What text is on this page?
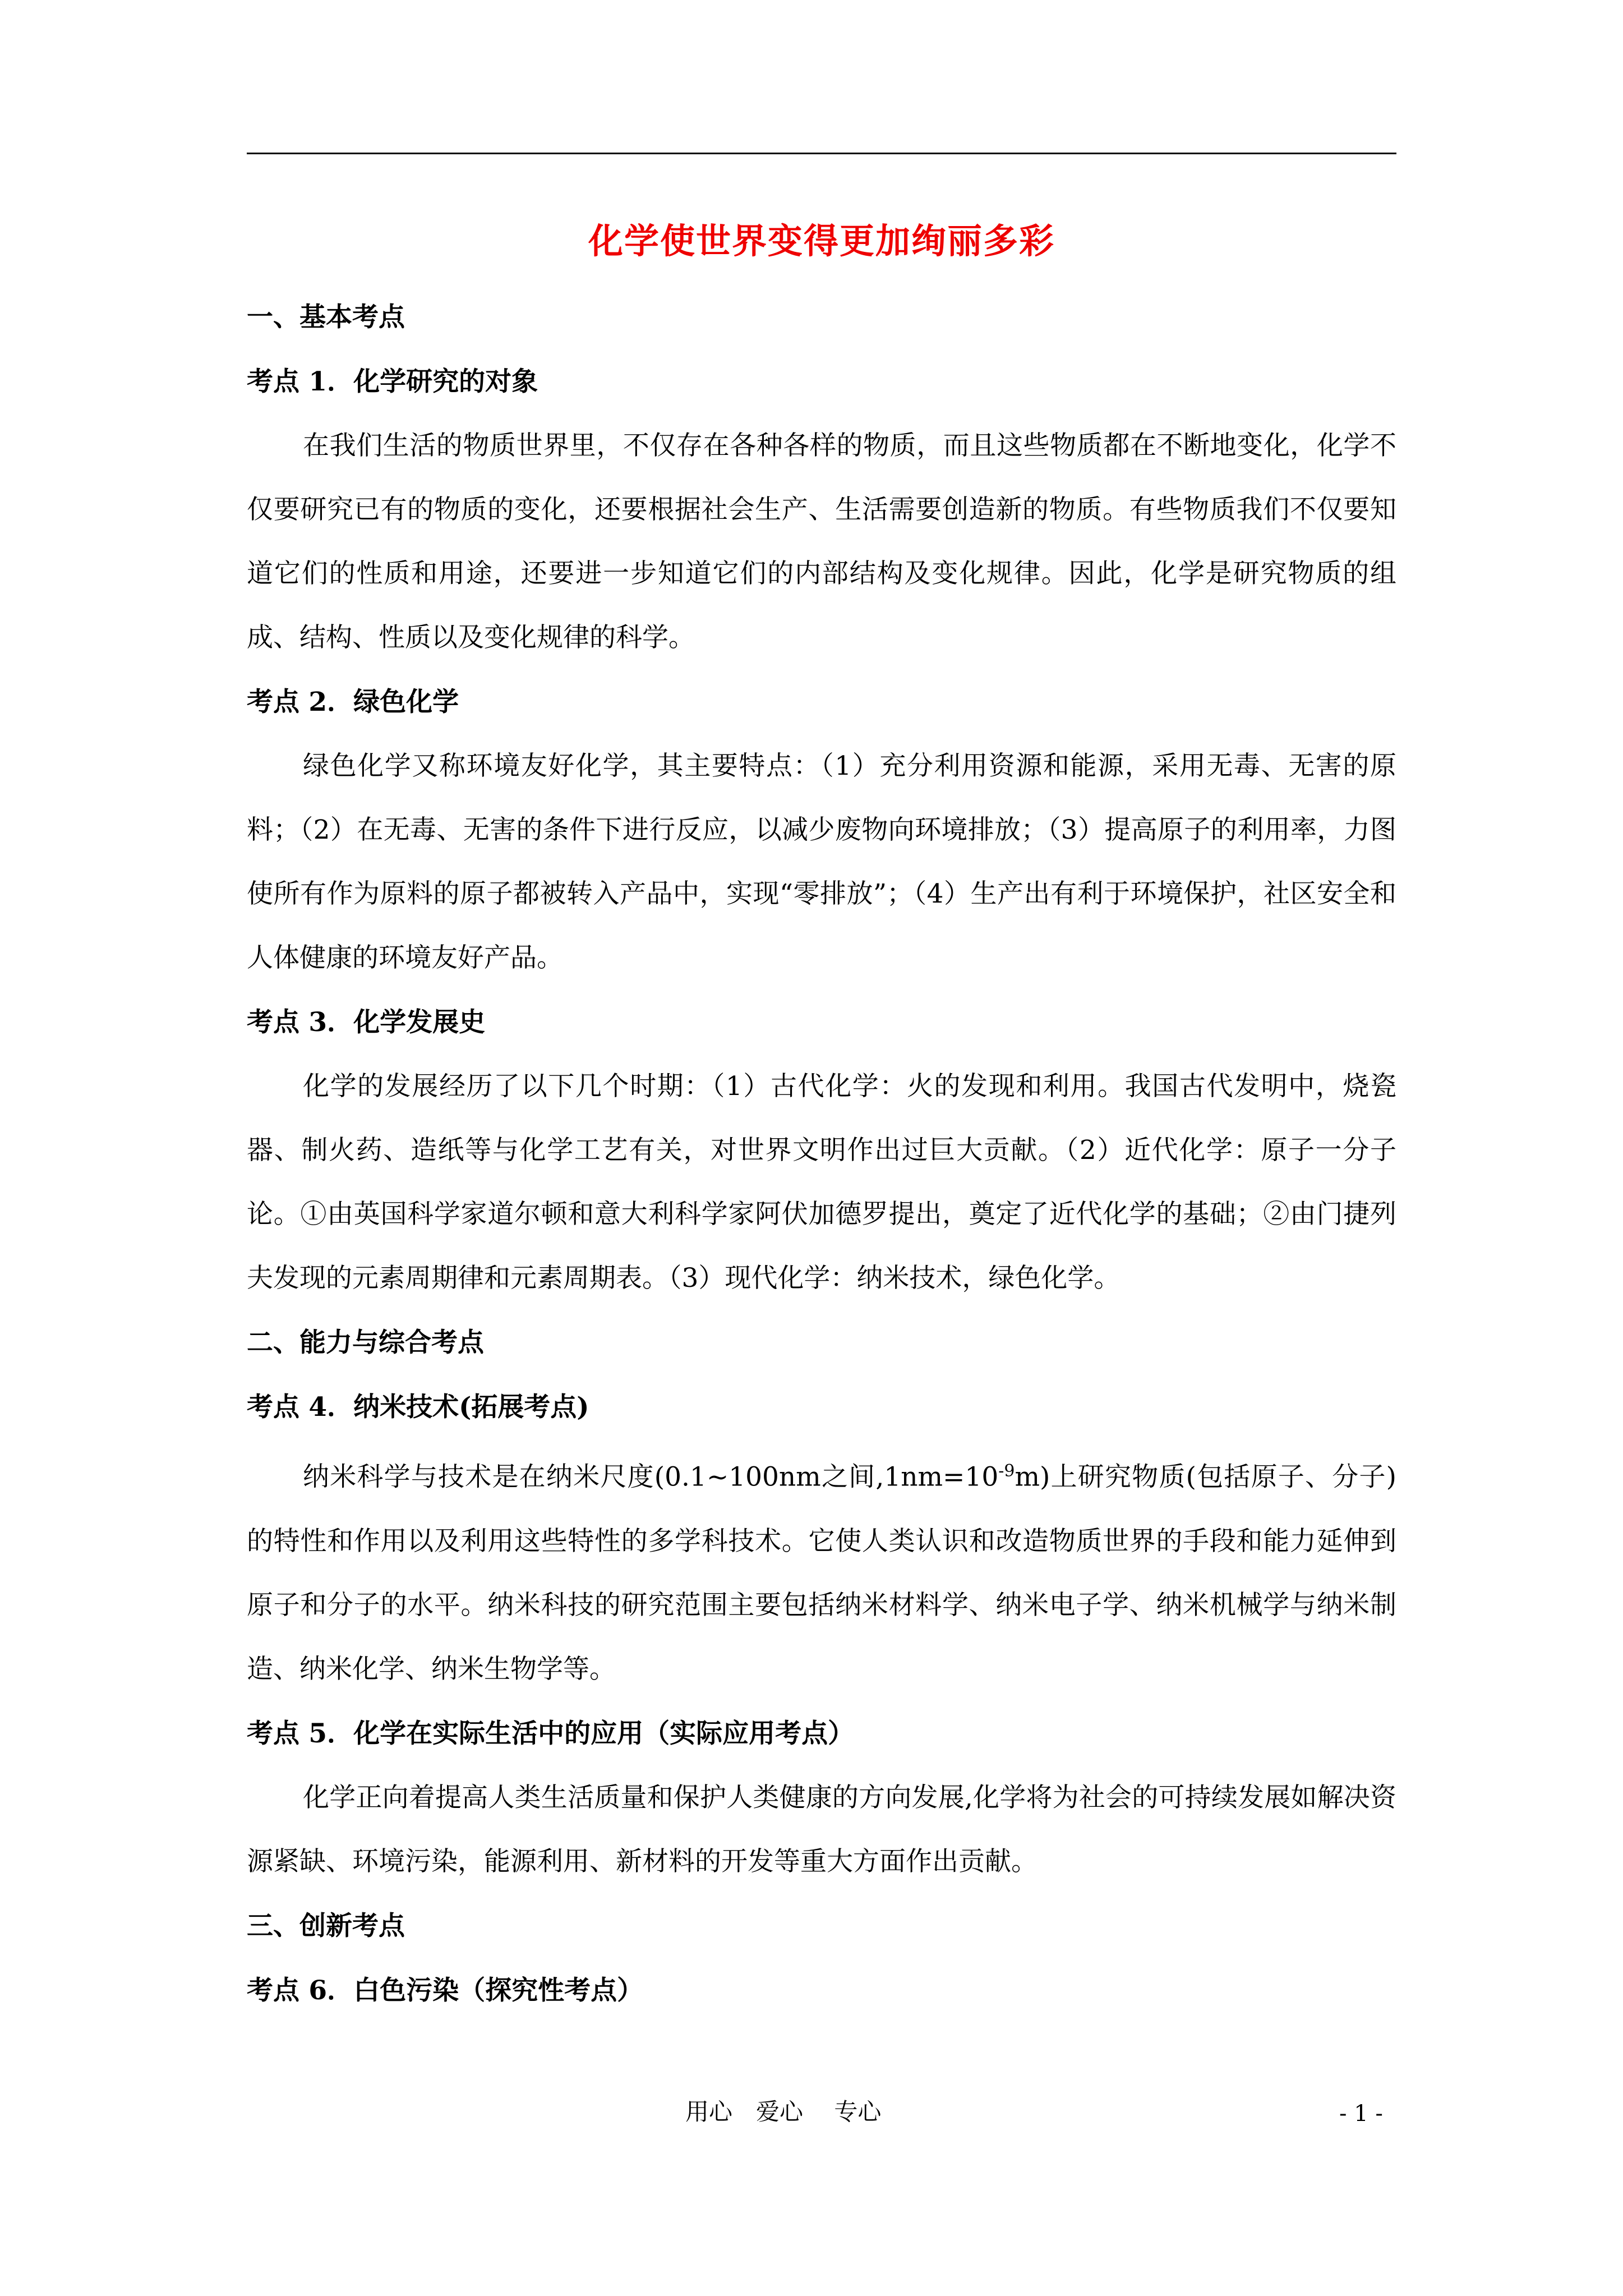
化学使世界变得更加绚丽多彩

一、基本考点

考点 1．化学研究的对象

在我们生活的物质世界里，不仅存在各种各样的物质，而且这些物质都在不断地变化，化学不仅要研究已有的物质的变化，还要根据社会生产、生活需要创造新的物质。有些物质我们不仅要知道它们的性质和用途，还要进一步知道它们的内部结构及变化规律。因此，化学是研究物质的组成、结构、性质以及变化规律的科学。

考点 2．绿色化学

绿色化学又称环境友好化学，其主要特点：（1）充分利用资源和能源，采用无毒、无害的原料；（2）在无毒、无害的条件下进行反应，以减少废物向环境排放；（3）提高原子的利用率，力图使所有作为原料的原子都被转入产品中，实现“零排放”；（4）生产出有利于环境保护，社区安全和人体健康的环境友好产品。

考点 3．化学发展史

化学的发展经历了以下几个时期：（1）古代化学：火的发现和利用。我国古代发明中，烧瓷器、制火药、造纸等与化学工艺有关，对世界文明作出过巨大贡献。（2）近代化学：原子一分子论。①由英国科学家道尔顿和意大利科学家阿伏加德罗提出，奠定了近代化学的基础；②由门捷列夫发现的元素周期律和元素周期表。（3）现代化学：纳米技术，绿色化学。

二、能力与综合考点

考点 4．纳米技术(拓展考点)

纳米科学与技术是在纳米尺度(0.1~100nm之间$,1nm=10^{-9}m$)上研究物质(包括原子、分子)的特性和作用以及利用这些特性的多学科技术。它使人类认识和改造物质世界的手段和能力延伸到原子和分子的水平。纳米科技的研究范围主要包括纳米材料学、纳米电子学、纳米机械学与纳米制造、纳米化学、纳米生物学等。

考点 5．化学在实际生活中的应用（实际应用考点）

化学正向着提高人类生活质量和保护人类健康的方向发展,化学将为社会的可持续发展如解决资源紧缺、环境污染，能源利用、新材料的开发等重大方面作出贡献。

三、创新考点

考点 6．白色污染（探究性考点）

用心　爱心　 专心	- 1 -
